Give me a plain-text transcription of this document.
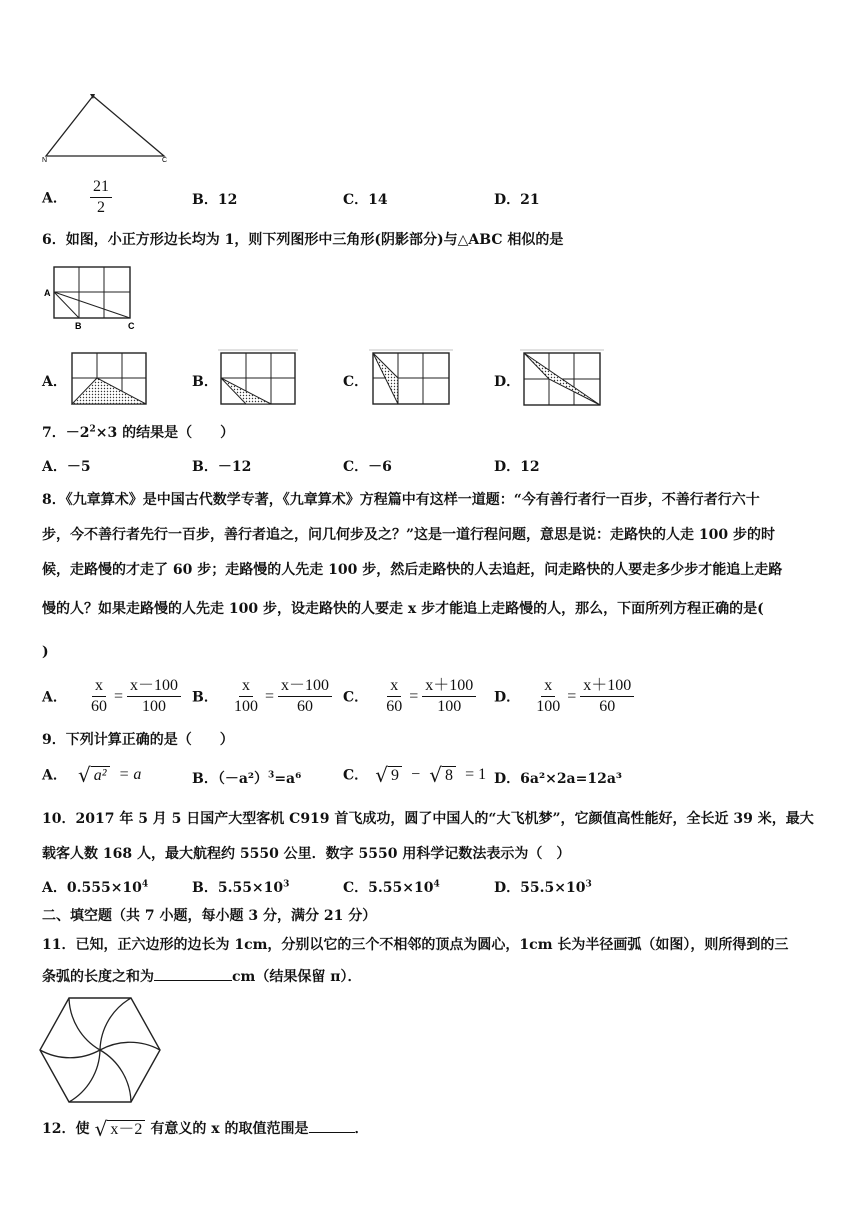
N	C
A． $\frac{21}{2}$	B．12	C．14	D．21
6．如图，小正方形边长均为 1，则下列图形中三角形(阴影部分)与△ABC 相似的是
A
B	C
A．	B．	C．	D．
7．$-2^2\times 3$ 的结果是（　　）
A．－5	B．－12	C．－6	D．12
8．《九章算术》是中国古代数学专著，《九章算术》方程篇中有这样一道题：“今有善行者行一百步，不善行者行六十
步，今不善行者先行一百步，善行者追之，问几何步及之？”这是一道行程问题，意思是说：走路快的人走 100 步的时
候，走路慢的才走了 60 步；走路慢的人先走 100 步，然后走路快的人去追赶，问走路快的人要走多少步才能追上走路
慢的人？如果走路慢的人先走 100 步，设走路快的人要走 x 步才能追上走路慢的人，那么，下面所列方程正确的是(
)
A． $\frac{x}{60} = \frac{x-100}{100}$ B． $\frac{x}{100} = \frac{x-100}{60}$ C． $\frac{x}{60} = \frac{x+100}{100}$ D． $\frac{x}{100} = \frac{x+100}{60}$
9．下列计算正确的是（　　）
A． √ a² = a	B．$(-a^2)^3=a^6$	C． √ 9 − √ 8 = 1 D．6a²×2a=12a³
10．2017 年 5 月 5 日国产大型客机 C919 首飞成功，圆了中国人的“大飞机梦”，它颜值高性能好，全长近 39 米，最大
载客人数 168 人，最大航程约 5550 公里．数字 5550 用科学记数法表示为（　）
A．$0.555\times 10^4$	B．$5.55\times 10^3$	C．$5.55\times 10^4$	D．$55.5\times 10^3$
二、填空题（共 7 小题，每小题 3 分，满分 21 分）
11．已知，正六边形的边长为 1cm，分别以它的三个不相邻的顶点为圆心，1cm 长为半径画弧（如图），则所得到的三
条弧的长度之和为	cm（结果保留 π）．
12．使 √ x－2 有意义的 x 的取值范围是	．
